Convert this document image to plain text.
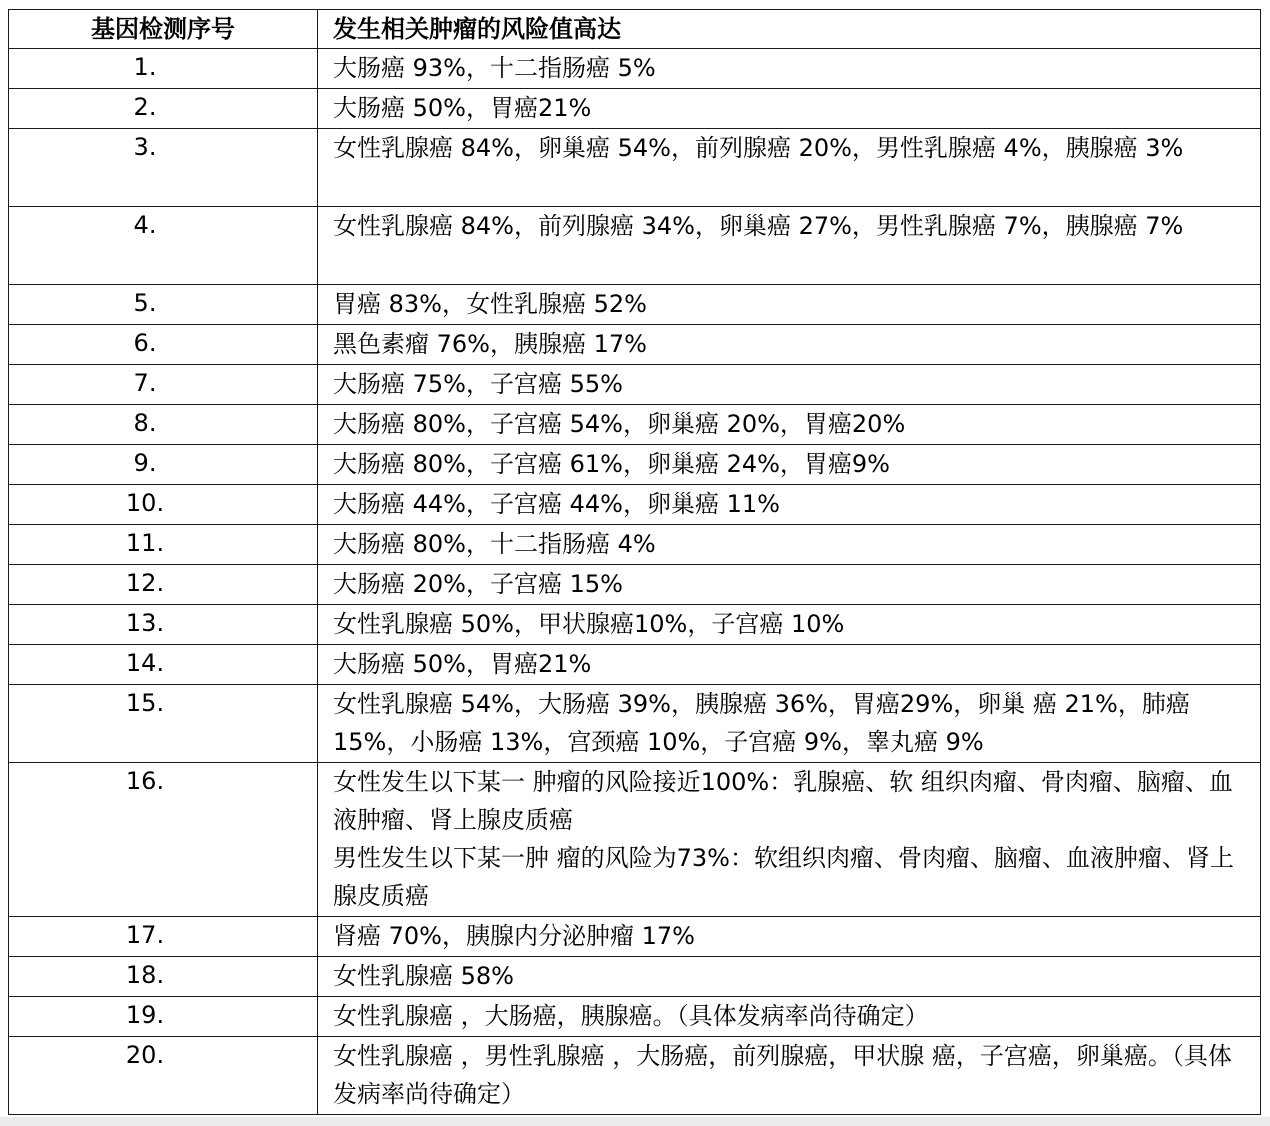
基因检测序号	发生相关肿瘤的风险值高达
1.	大肠癌 93%，十二指肠癌 5%
2.	大肠癌 50%，胃癌21%
3.	女性乳腺癌 84%，卵巢癌 54%，前列腺癌 20%，男性乳腺癌 4%，胰腺癌 3%
4.	女性乳腺癌 84%，前列腺癌 34%，卵巢癌 27%，男性乳腺癌 7%，胰腺癌 7%
5.	胃癌 83%，女性乳腺癌 52%
6.	黑色素瘤 76%，胰腺癌 17%
7.	大肠癌 75%，子宫癌 55%
8.	大肠癌 80%，子宫癌 54%，卵巢癌 20%，胃癌20%
9.	大肠癌 80%，子宫癌 61%，卵巢癌 24%，胃癌9%
10.	大肠癌 44%，子宫癌 44%，卵巢癌 11%
11.	大肠癌 80%，十二指肠癌 4%
12.	大肠癌 20%，子宫癌 15%
13.	女性乳腺癌 50%，甲状腺癌10%，子宫癌 10%
14.	大肠癌 50%，胃癌21%
15.	女性乳腺癌 54%，大肠癌 39%，胰腺癌 36%，胃癌29%，卵巢 癌 21%，肺癌 15%，小肠癌 13%，宫颈癌 10%，子宫癌 9%，睾丸癌 9%
16.	女性发生以下某一 肿瘤的风险接近100%：乳腺癌、软 组织肉瘤、骨肉瘤、脑瘤、血液肿瘤、肾上腺皮质癌
男性发生以下某一肿 瘤的风险为73%：软组织肉瘤、骨肉瘤、脑瘤、血液肿瘤、肾上腺皮质癌

17.	肾癌 70%，胰腺内分泌肿瘤 17%
18.	女性乳腺癌 58%
19.	女性乳腺癌 ，大肠癌，胰腺癌。（具体发病率尚待确定）
20.	女性乳腺癌 ，男性乳腺癌 ，大肠癌，前列腺癌，甲状腺 癌，子宫癌，卵巢癌。（具体发病率尚待确定）
